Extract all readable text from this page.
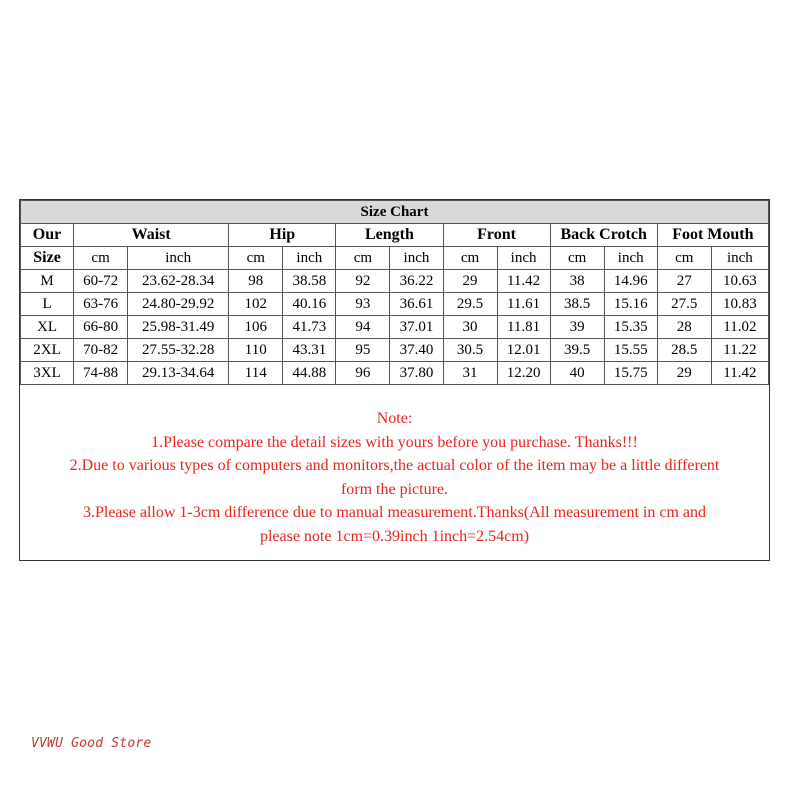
Size Chart												
Our	Waist		Hip		Length		Front		Back Crotch		Foot Mouth	
Size	cm	inch	cm	inch	cm	inch	cm	inch	cm	inch	cm	inch
M	60-72	23.62-28.34	98	38.58	92	36.22	29	11.42	38	14.96	27	10.63
L	63-76	24.80-29.92	102	40.16	93	36.61	29.5	11.61	38.5	15.16	27.5	10.83
XL	66-80	25.98-31.49	106	41.73	94	37.01	30	11.81	39	15.35	28	11.02
2XL	70-82	27.55-32.28	110	43.31	95	37.40	30.5	12.01	39.5	15.55	28.5	11.22
3XL	74-88	29.13-34.64	114	44.88	96	37.80	31	12.20	40	15.75	29	11.42
Note:
1.Please compare the detail sizes with yours before you purchase. Thanks!!!
2.Due to various types of computers and monitors,the actual color of the item may be a little different
form the picture.
3.Please allow 1-3cm difference due to manual measurement.Thanks(All measurement in cm and
please note 1cm=0.39inch 1inch=2.54cm)
VVWU Good Store
